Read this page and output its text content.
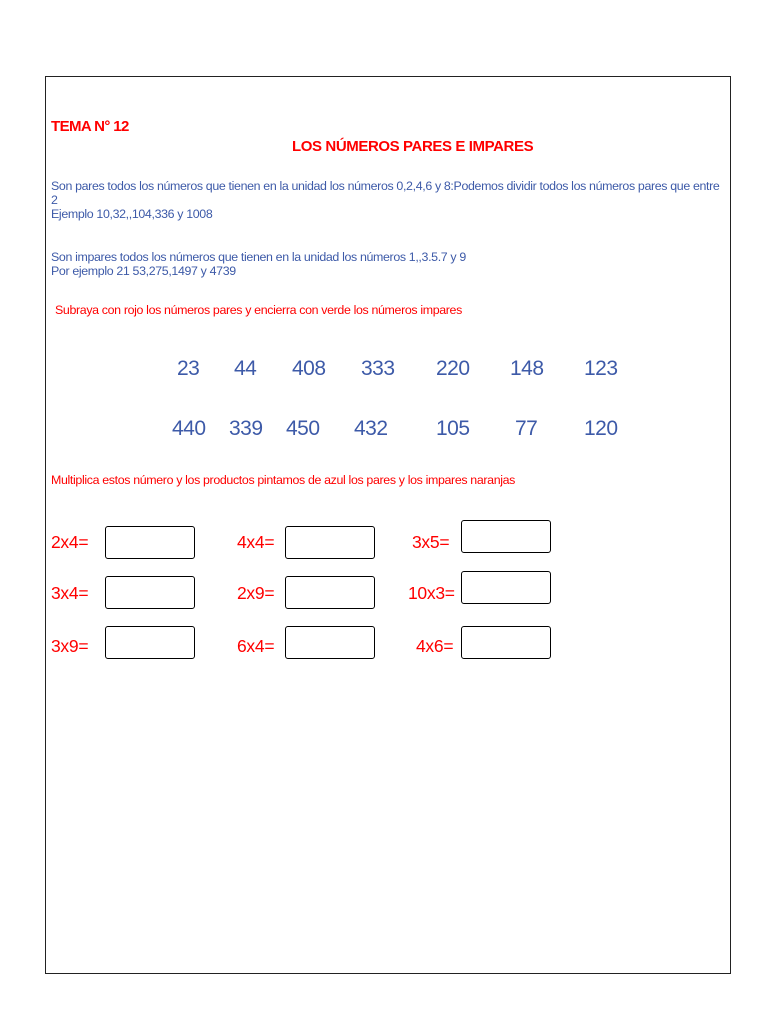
TEMA N° 12
LOS NÚMEROS PARES E IMPARES
Son pares todos los números que tienen en la unidad los números 0,2,4,6 y 8:Podemos dividir todos los números pares que entre 2
Ejemplo 10,32,,104,336 y 1008
Son impares todos los números que tienen en la unidad los números 1,,3.5.7 y 9
Por ejemplo 21 53,275,1497 y 4739
Subraya con rojo los números pares y encierra con verde los números impares
23 44 408 333 220 148 123
440 339 450 432 105 77 120
Multiplica estos número y los productos pintamos de azul los pares y los impares naranjas
2x4=	4x4=	3x5=
3x4=	2x9=	10x3=
3x9=	6x4=	4x6=
